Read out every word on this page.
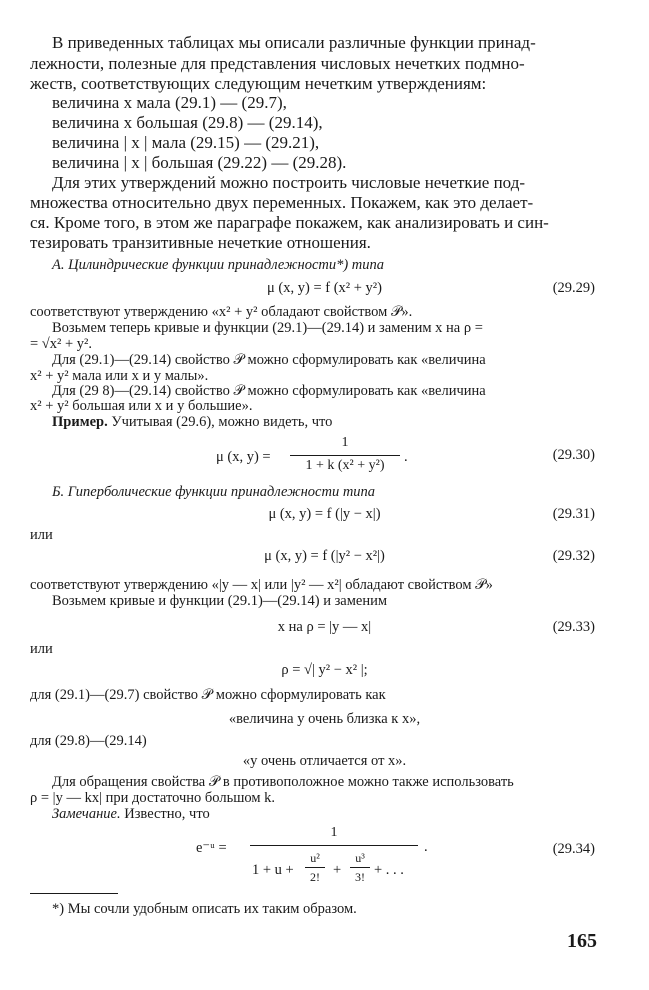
В приведенных таблицах мы описали различные функции принад-
лежности, полезные для представления числовых нечетких подмно-
жеств, соответствующих следующим нечетким утверждениям:
величина x мала (29.1) — (29.7),
величина x большая (29.8) — (29.14),
величина | x | мала (29.15) — (29.21),
величина | x | большая (29.22) — (29.28).
Для этих утверждений можно построить числовые нечеткие под-
множества относительно двух переменных. Покажем, как это делает-
ся. Кроме того, в этом же параграфе покажем, как анализировать и син-
тезировать транзитивные нечеткие отношения.
А. Цилиндрические функции принадлежности*) типа
μ (x, y) = f (x² + y²)	(29.29)
соответствуют утверждению «x² + y² обладают свойством 𝒫».
Возьмем теперь кривые и функции (29.1)—(29.14) и заменим x на ρ =
= √x² + y².
Для (29.1)—(29.14) свойство 𝒫 можно сформулировать как «величина
x² + y² мала или x и y малы».
Для (29 8)—(29.14) свойство 𝒫 можно сформулировать как «величина
x² + y² большая или x и y большие».
Пример. Учитывая (29.6), можно видеть, что
μ (x, y) =
1
1 + k (x² + y²)
.	(29.30)
Б. Гиперболические функции принадлежности типа
μ (x, y) = f (|y − x|)	(29.31)
или
μ (x, y) = f (|y² − x²|)	(29.32)
соответствуют утверждению «|y — x| или |y² — x²| обладают свойством 𝒫»
Возьмем кривые и функции (29.1)—(29.14) и заменим
x на ρ = |y — x|	(29.33)
или
ρ = √| y² − x² |;
для (29.1)—(29.7) свойство 𝒫 можно сформулировать как
«величина y очень близка к x»,
для (29.8)—(29.14)
«y очень отличается от x».
Для обращения свойства 𝒫 в противоположное можно также использовать
ρ = |y — kx| при достаточно большом k.
Замечание. Известно, что
e⁻ᵘ =
1
1 + u +
u²
2! +
u³
3! + . . .
.	(29.34)
*) Мы сочли удобным описать их таким образом.
165
